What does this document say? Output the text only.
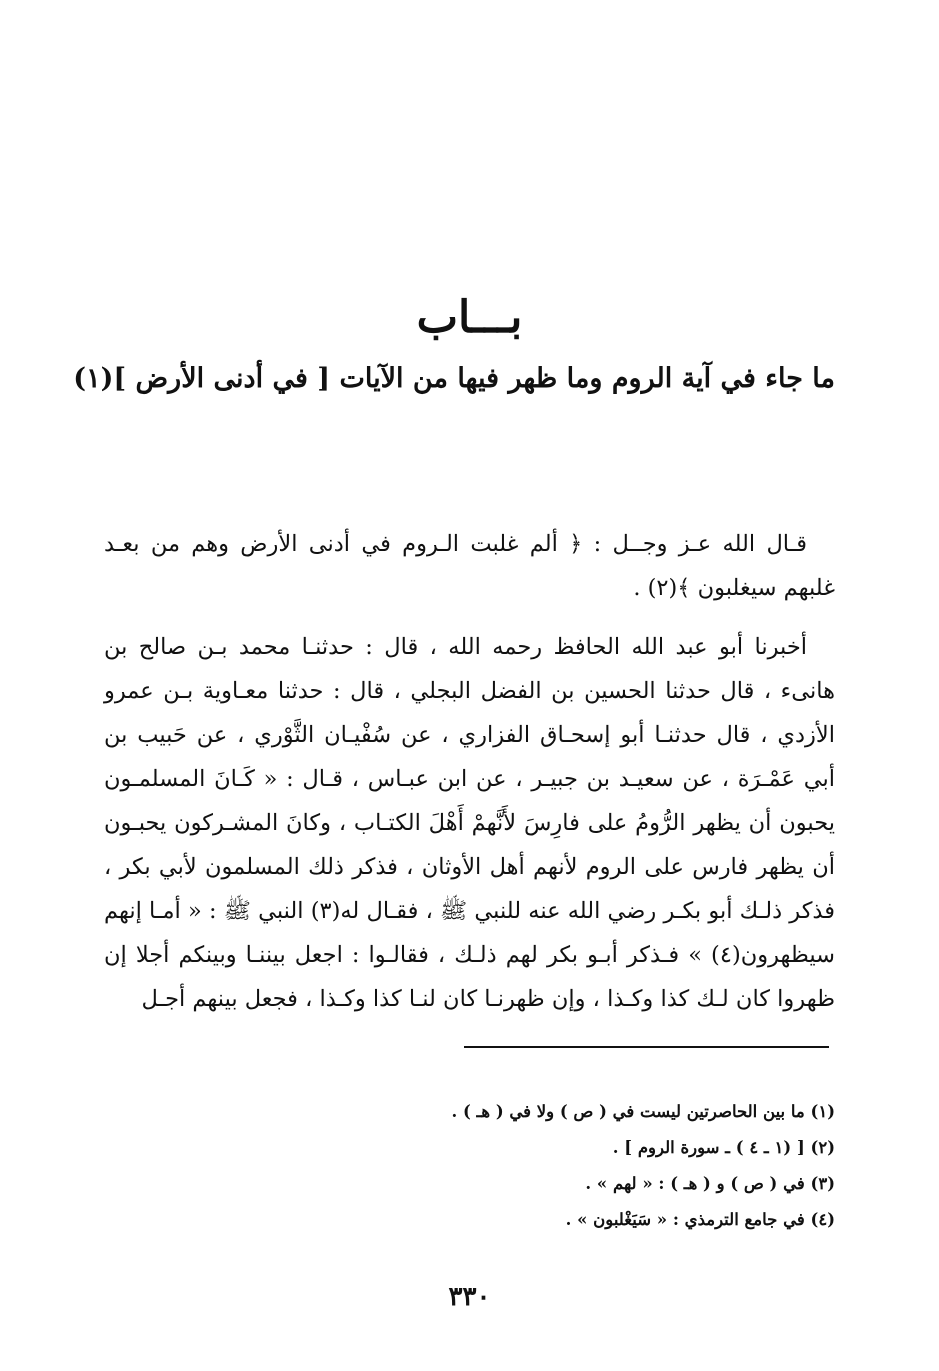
بـــاب
ما جاء في آية الروم وما ظهر فيها من الآيات [ في أدنى الأرض ](١)

قـال الله عـز وجــل : ﴿ ألم غلبت الـروم في أدنى الأرض وهم من بعـد غلبهم سيغلبون ﴾(٢) .

أخبرنا أبو عبد الله الحافظ رحمه الله ، قال : حدثنـا محمد بـن صالح بن هانىء ، قال حدثنا الحسين بن الفضل البجلي ، قال : حدثنا معـاوية بـن عمرو الأزدي ، قال حدثنـا أبو إسحـاق الفزاري ، عن سُفْيـان الثَّوْري ، عن حَبيب بن أبي عَمْـرَة ، عن سعيـد بن جبيـر ، عن ابن عبـاس ، قـال : « كَـانَ المسلمـون يحبون أن يظهر الرُّومُ على فارِسَ لأَنَّهمْ أَهْلَ الكتـاب ، وكانَ المشـركون يحبـون أن يظهر فارس على الروم لأنهم أهل الأوثان ، فذكر ذلك المسلمون لأبي بكر ، فذكر ذلـك أبو بكـر رضي الله عنه للنبي ﷺ ، فقـال له(٣) النبي ﷺ : « أمـا إنهم سيظهرون(٤) » فـذكر أبـو بكر لهم ذلـك ، فقالـوا : اجعل بيننـا وبينكم أجلا إن ظهروا كان لـك كذا وكـذا ، وإن ظهرنـا كان لنـا كذا وكـذا ، فجعل بينهم أجـل

(١) ما بين الحاصرتين ليست في ( ص ) ولا في ( هـ ) .

(٢) [ (١ ـ ٤ ) ـ سورة الروم ] .

(٣) في ( ص ) و ( هـ ) : « لهم » .

(٤) في جامع الترمذي : « سَيَغْلبون » .

٣٣٠
